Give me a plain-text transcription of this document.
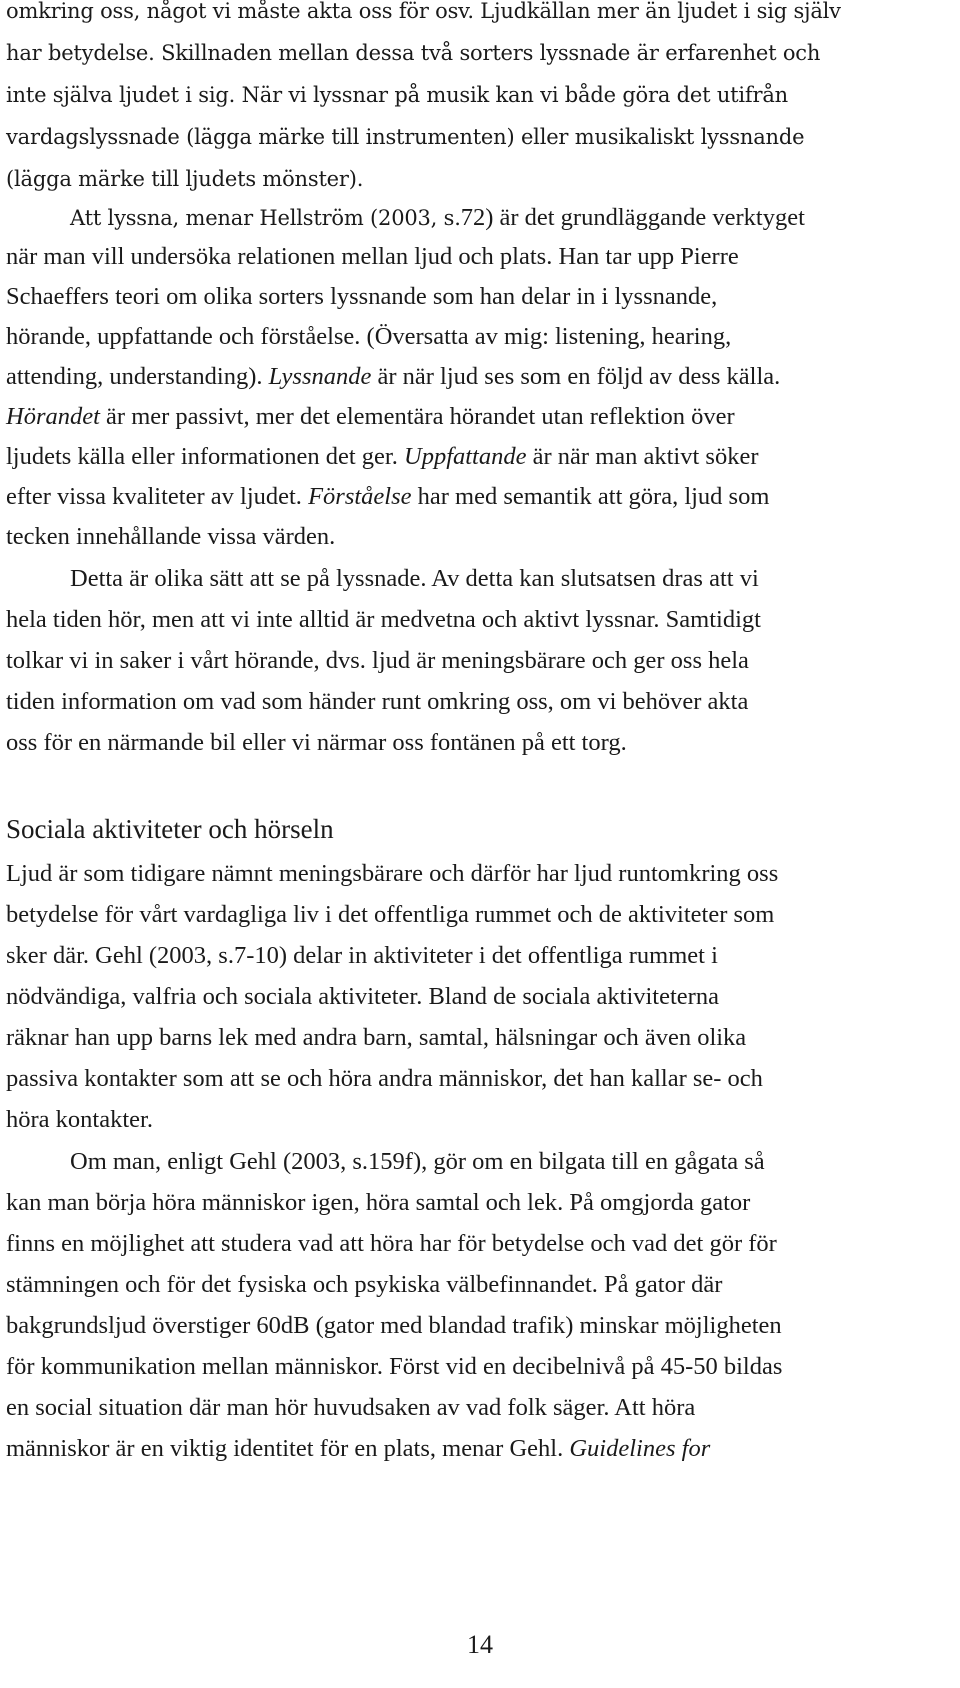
omkring oss, något vi måste akta oss för osv. Ljudkällan mer än ljudet i sig själv
har betydelse. Skillnaden mellan dessa två sorters lyssnade är erfarenhet och
inte själva ljudet i sig. När vi lyssnar på musik kan vi både göra det utifrån
vardagslyssnade (lägga märke till instrumenten) eller musikaliskt lyssnande
(lägga märke till ljudets mönster).
Att lyssna, menar Hellström (2003, s.72) är det grundläggande verktyget
när man vill undersöka relationen mellan ljud och plats. Han tar upp Pierre
Schaeffers teori om olika sorters lyssnande som han delar in i lyssnande,
hörande, uppfattande och förståelse. (Översatta av mig: listening, hearing,
attending, understanding). Lyssnande är när ljud ses som en följd av dess källa.
Hörandet är mer passivt, mer det elementära hörandet utan reflektion över
ljudets källa eller informationen det ger. Uppfattande är när man aktivt söker
efter vissa kvaliteter av ljudet. Förståelse har med semantik att göra, ljud som
tecken innehållande vissa värden.
Detta är olika sätt att se på lyssnade. Av detta kan slutsatsen dras att vi
hela tiden hör, men att vi inte alltid är medvetna och aktivt lyssnar. Samtidigt
tolkar vi in saker i vårt hörande, dvs. ljud är meningsbärare och ger oss hela
tiden information om vad som händer runt omkring oss, om vi behöver akta
oss för en närmande bil eller vi närmar oss fontänen på ett torg.
Sociala aktiviteter och hörseln
Ljud är som tidigare nämnt meningsbärare och därför har ljud runtomkring oss
betydelse för vårt vardagliga liv i det offentliga rummet och de aktiviteter som
sker där. Gehl (2003, s.7-10) delar in aktiviteter i det offentliga rummet i
nödvändiga, valfria och sociala aktiviteter. Bland de sociala aktiviteterna
räknar han upp barns lek med andra barn, samtal, hälsningar och även olika
passiva kontakter som att se och höra andra människor, det han kallar se- och
höra kontakter.
Om man, enligt Gehl (2003, s.159f), gör om en bilgata till en gågata så
kan man börja höra människor igen, höra samtal och lek. På omgjorda gator
finns en möjlighet att studera vad att höra har för betydelse och vad det gör för
stämningen och för det fysiska och psykiska välbefinnandet. På gator där
bakgrundsljud överstiger 60dB (gator med blandad trafik) minskar möjligheten
för kommunikation mellan människor. Först vid en decibelnivå på 45-50 bildas
en social situation där man hör huvudsaken av vad folk säger. Att höra
människor är en viktig identitet för en plats, menar Gehl. Guidelines for
14
